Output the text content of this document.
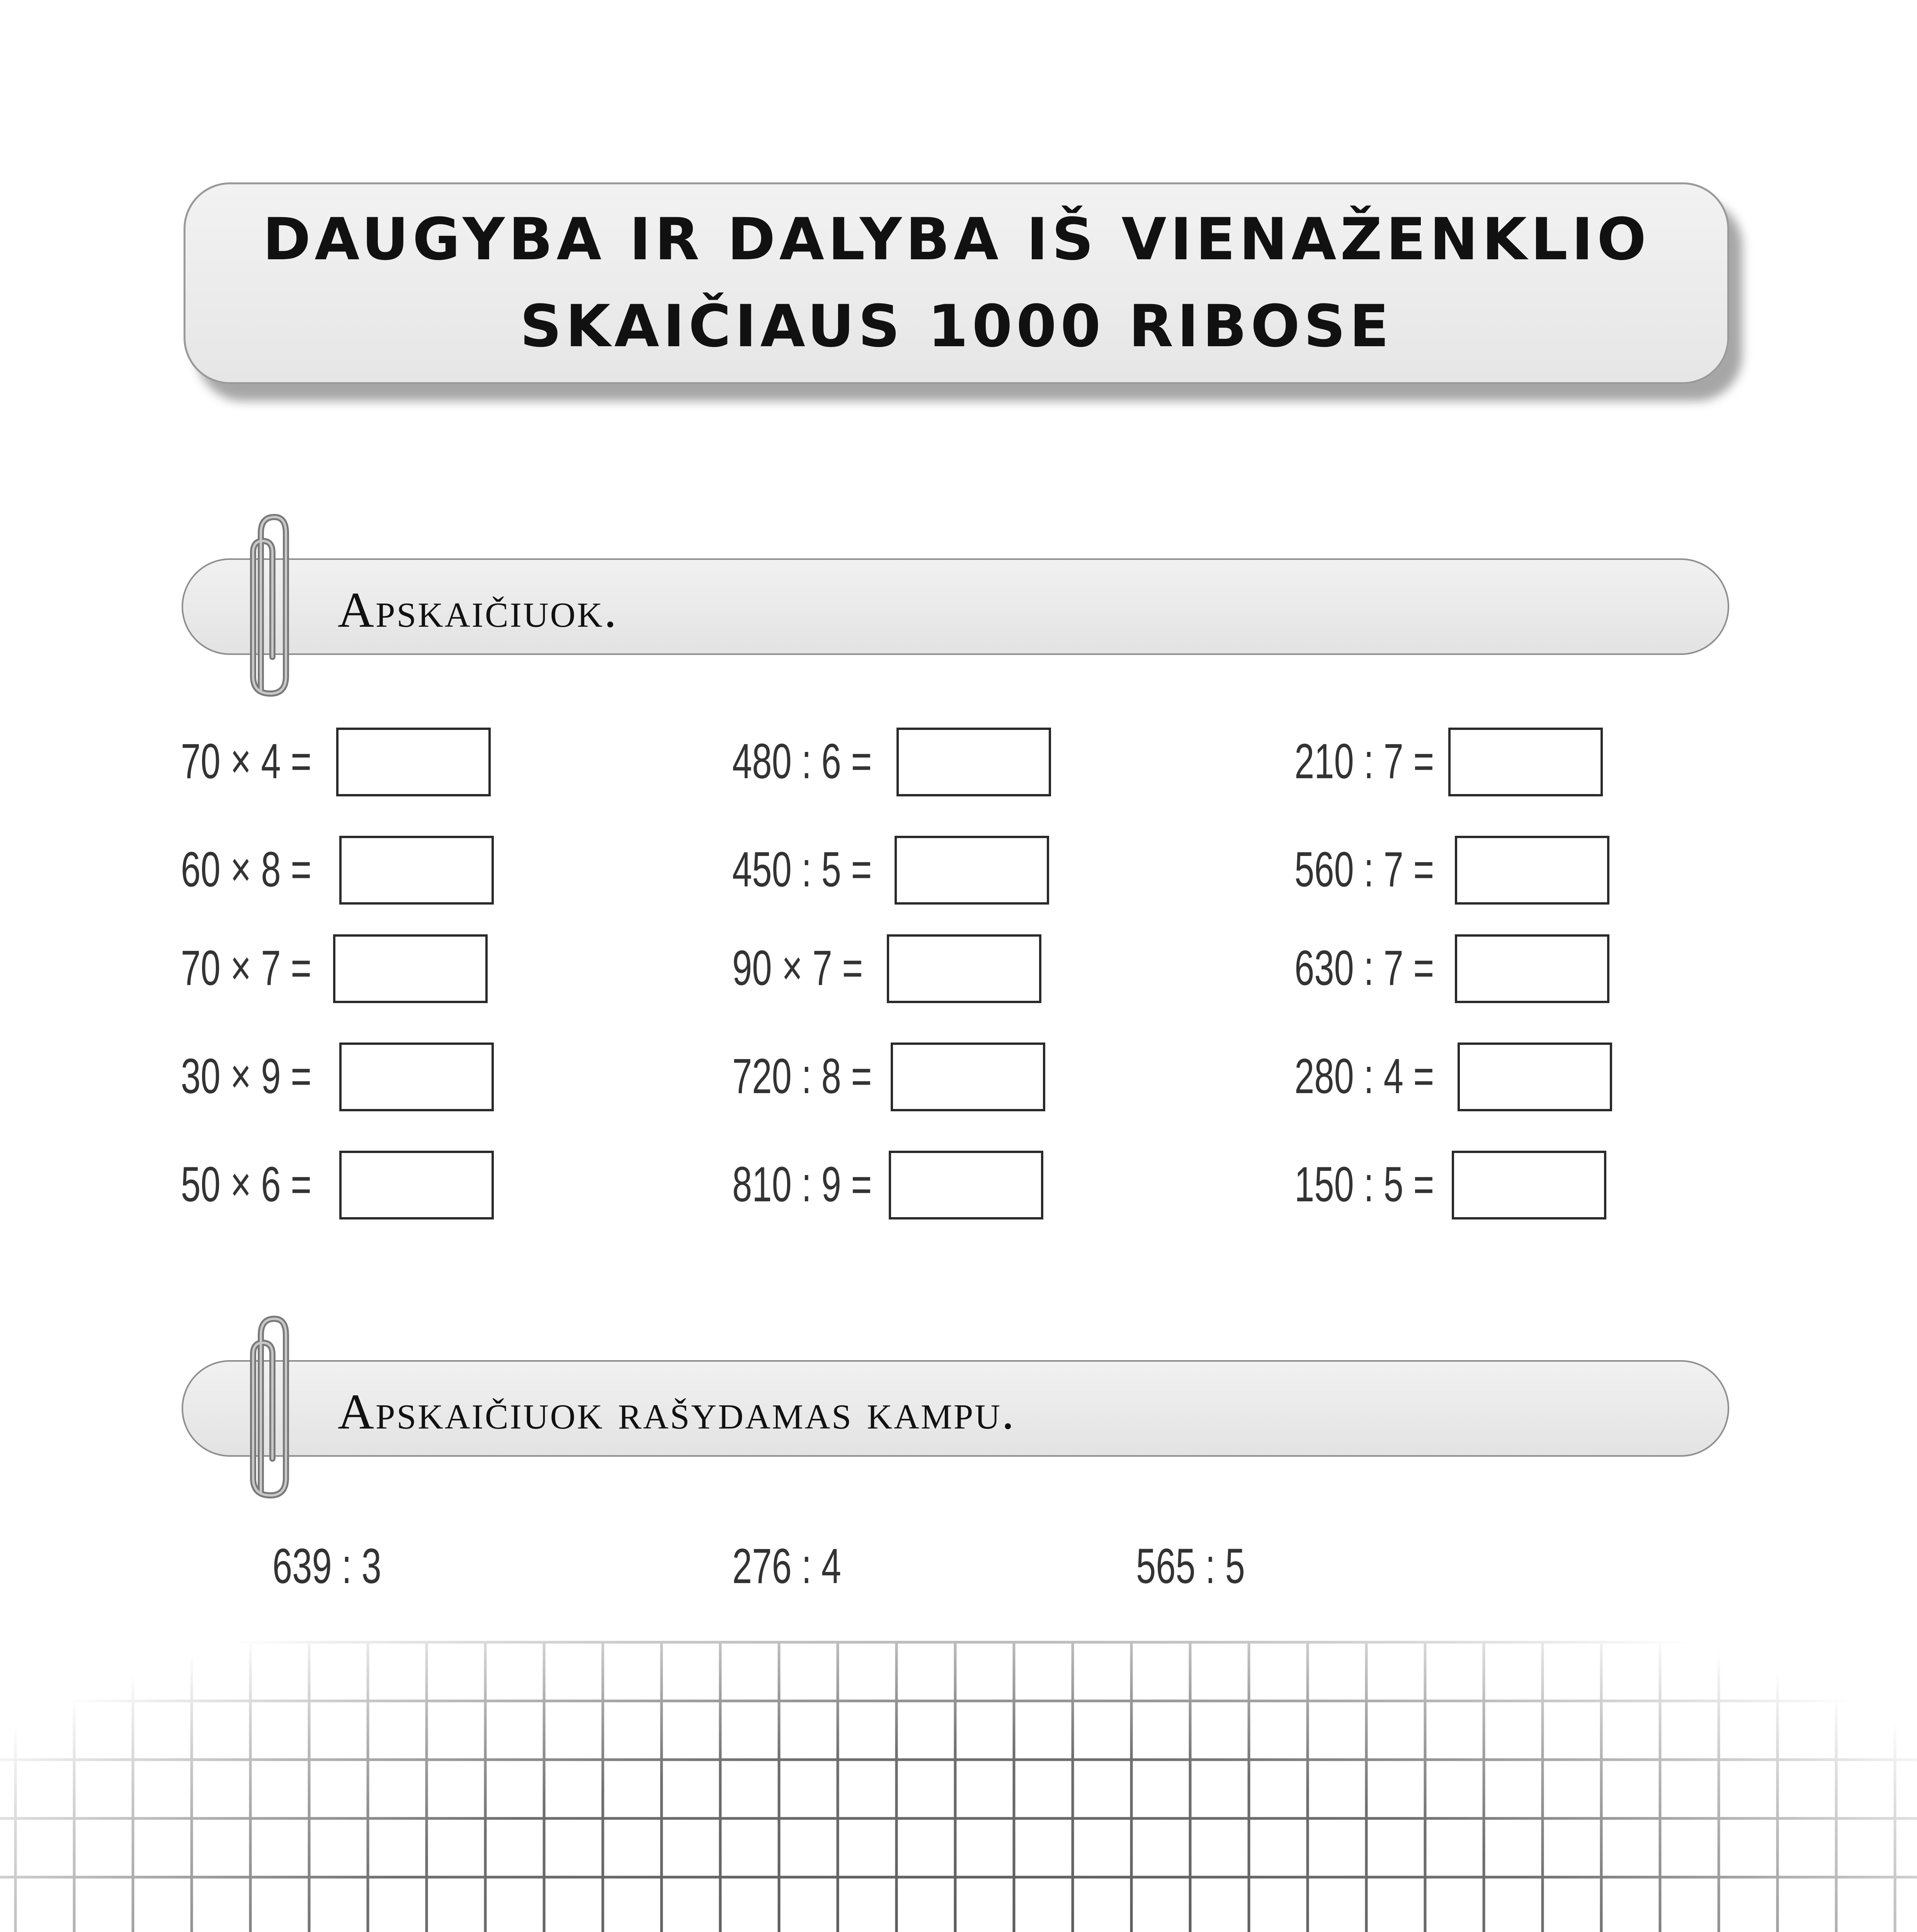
DAUGYBA IR DALYBA IŠ VIENAŽENKLIO
SKAIČIAUS 1000 RIBOSE
Apskaičiuok.
70 × 4 =
60 × 8 =
70 × 7 =
30 × 9 =
50 × 6 =
480 : 6 =
450 : 5 =
90 × 7 =
720 : 8 =
810 : 9 =
210 : 7 =
560 : 7 =
630 : 7 =
280 : 4 =
150 : 5 =
Apskaičiuok rašydamas kampu.
639 : 3	276 : 4	565 : 5
